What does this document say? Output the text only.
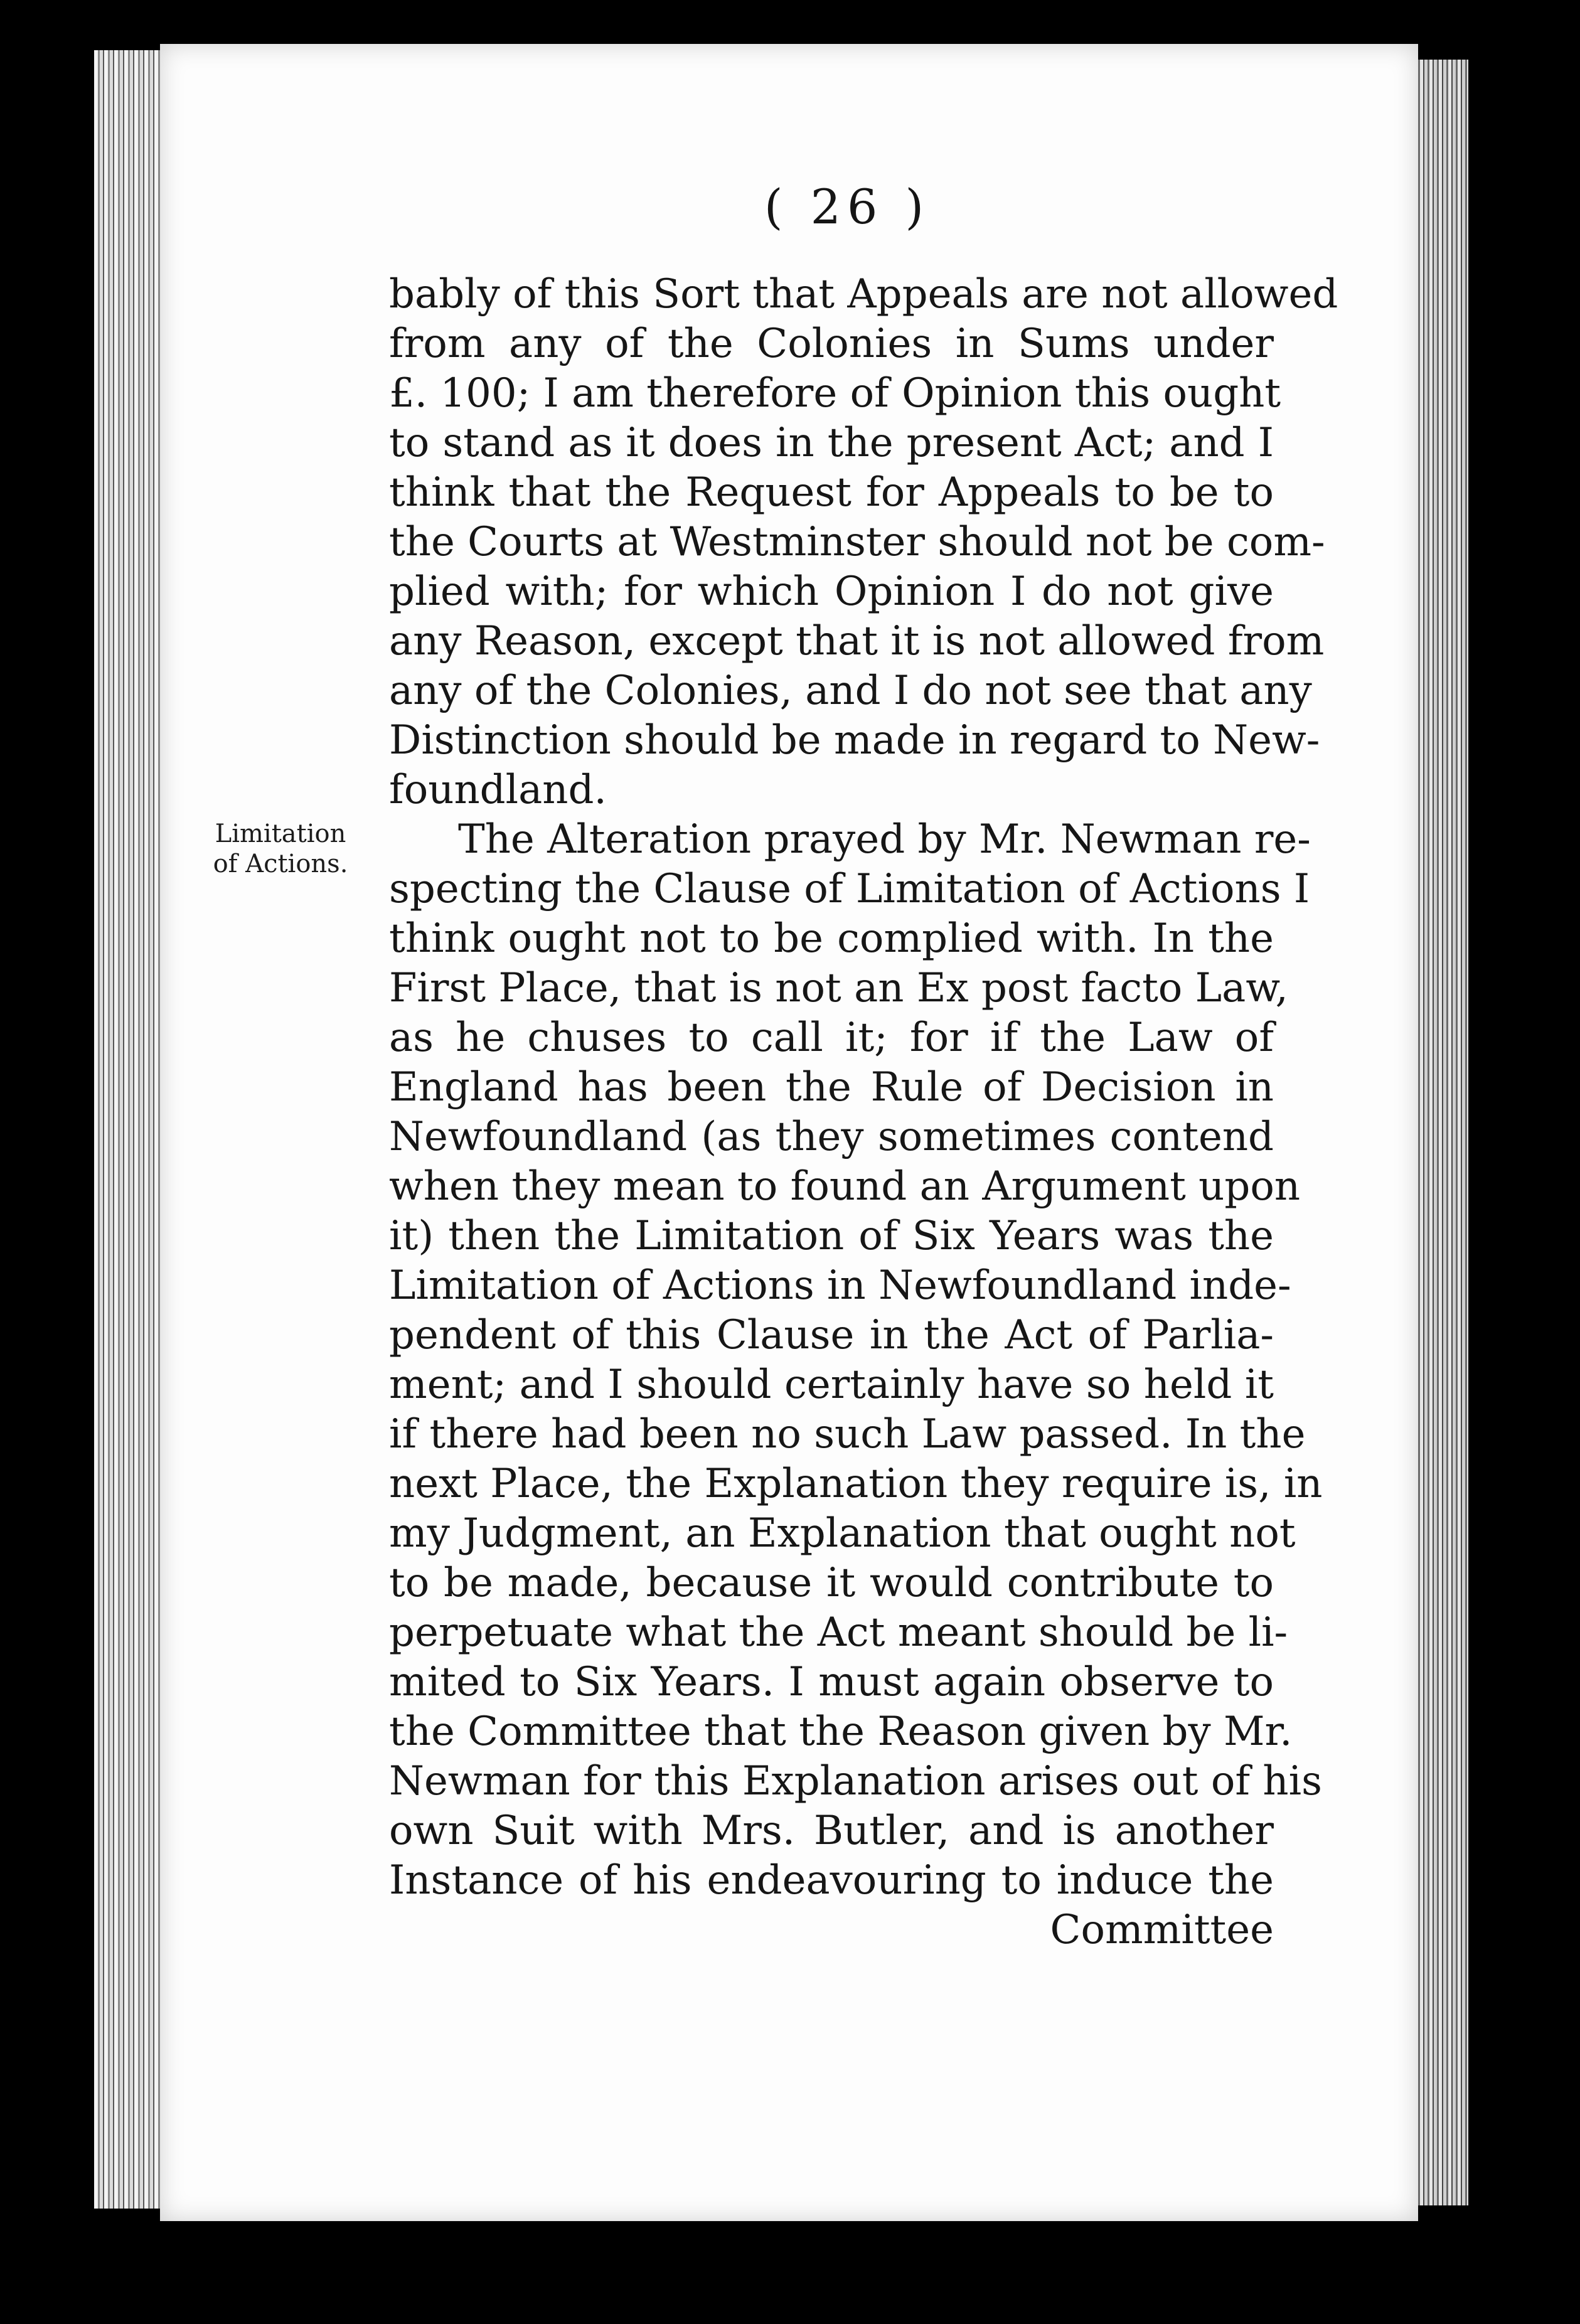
( 26 )
Limitation
of Actions.
bably of this Sort that Appeals are not allowed
from any of the Colonies in Sums under
£. 100; I am therefore of Opinion this ought
to stand as it does in the present Act; and I
think that the Request for Appeals to be to
the Courts at Westminster should not be com-
plied with; for which Opinion I do not give
any Reason, except that it is not allowed from
any of the Colonies, and I do not see that any
Distinction should be made in regard to New-
foundland.
The Alteration prayed by Mr. Newman re-
specting the Clause of Limitation of Actions I
think ought not to be complied with. In the
First Place, that is not an Ex post facto Law,
as he chuses to call it; for if the Law of
England has been the Rule of Decision in
Newfoundland (as they sometimes contend
when they mean to found an Argument upon
it) then the Limitation of Six Years was the
Limitation of Actions in Newfoundland inde-
pendent of this Clause in the Act of Parlia-
ment; and I should certainly have so held it
if there had been no such Law passed. In the
next Place, the Explanation they require is, in
my Judgment, an Explanation that ought not
to be made, because it would contribute to
perpetuate what the Act meant should be li-
mited to Six Years. I must again observe to
the Committee that the Reason given by Mr.
Newman for this Explanation arises out of his
own Suit with Mrs. Butler, and is another
Instance of his endeavouring to induce the
Committee
